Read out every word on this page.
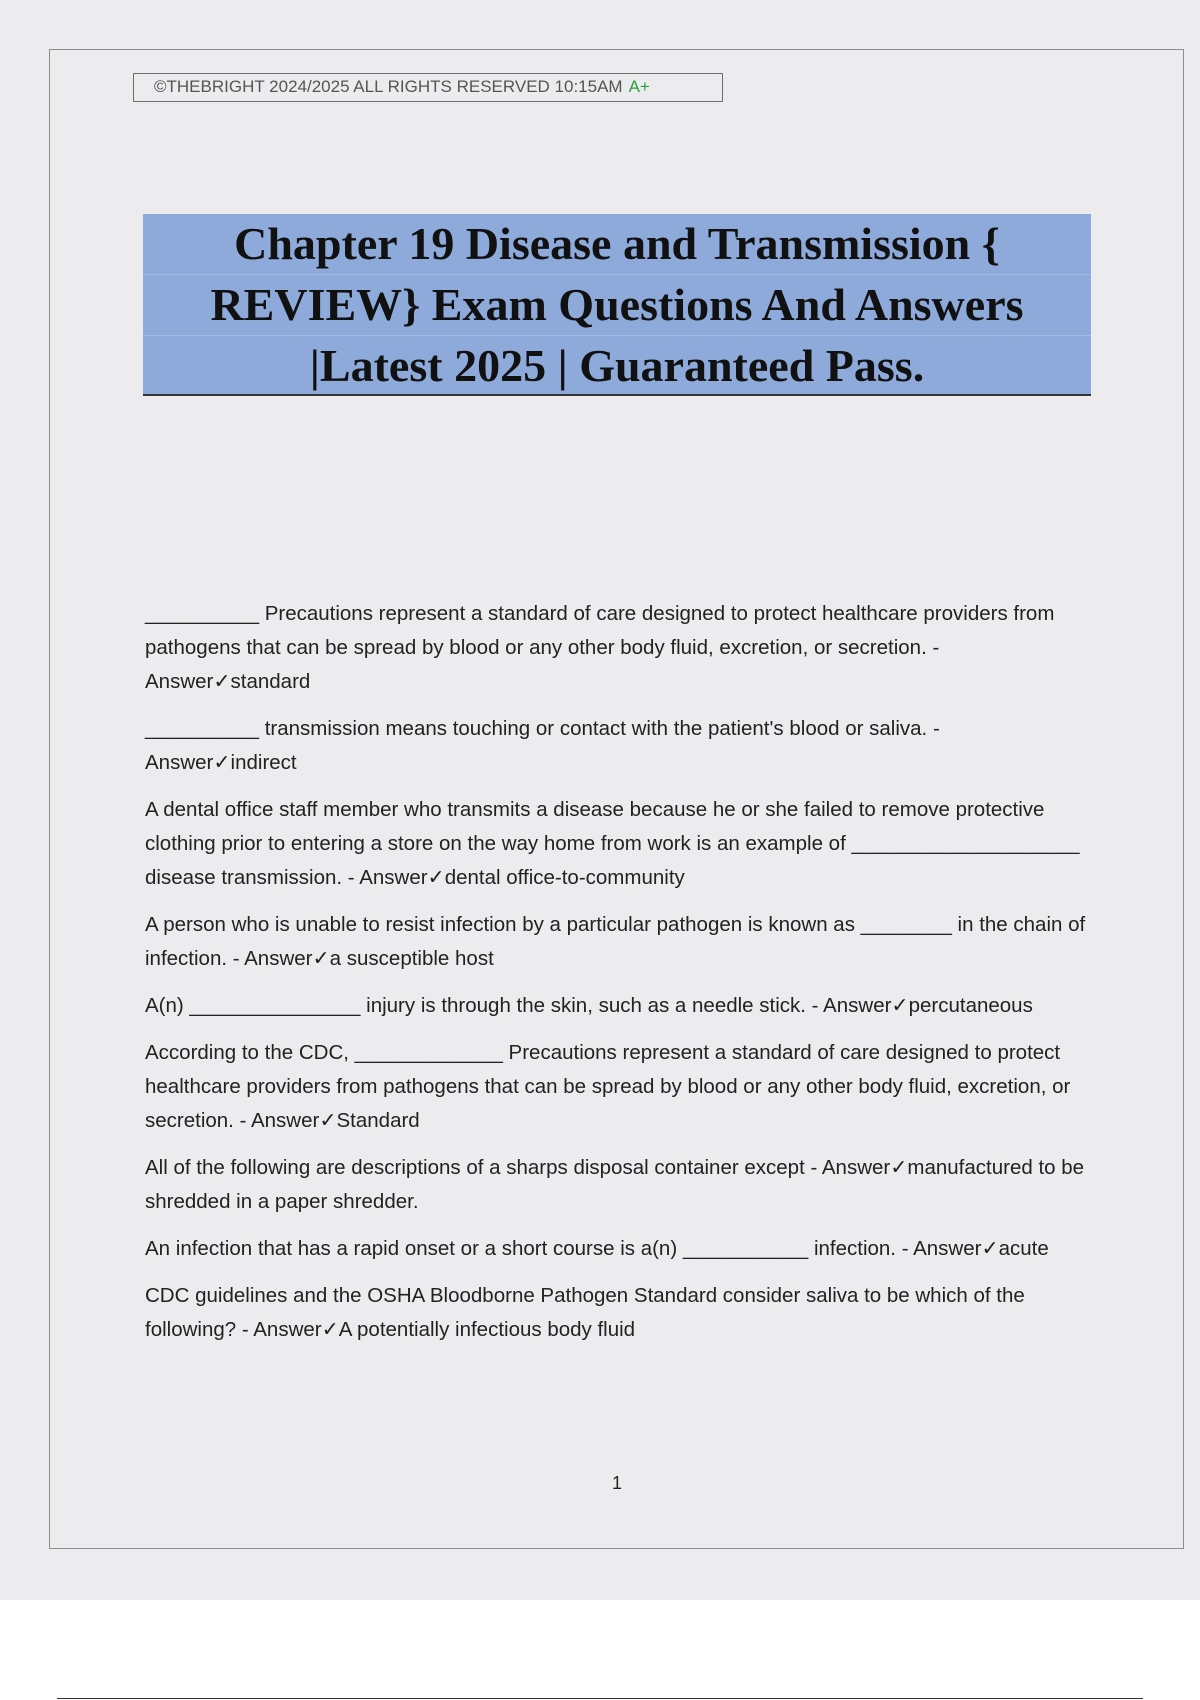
©THEBRIGHT 2024/2025 ALL RIGHTS RESERVED 10:15AM A+
Chapter 19 Disease and Transmission {
REVIEW} Exam Questions And Answers
|Latest 2025 | Guaranteed Pass.

__________ Precautions represent a standard of care designed to protect healthcare providers from pathogens that can be spread by blood or any other body fluid, excretion, or secretion. - Answer✓standard

__________ transmission means touching or contact with the patient's blood or saliva. - Answer✓indirect

A dental office staff member who transmits a disease because he or she failed to remove protective clothing prior to entering a store on the way home from work is an example of ____________________ disease transmission. - Answer✓dental office-to-community

A person who is unable to resist infection by a particular pathogen is known as ________ in the chain of infection. - Answer✓a susceptible host

A(n) _______________ injury is through the skin, such as a needle stick. - Answer✓percutaneous

According to the CDC, _____________ Precautions represent a standard of care designed to protect healthcare providers from pathogens that can be spread by blood or any other body fluid, excretion, or secretion. - Answer✓Standard

All of the following are descriptions of a sharps disposal container except - Answer✓manufactured to be shredded in a paper shredder.

An infection that has a rapid onset or a short course is a(n) ___________ infection. - Answer✓acute

CDC guidelines and the OSHA Bloodborne Pathogen Standard consider saliva to be which of the following? - Answer✓A potentially infectious body fluid

1
